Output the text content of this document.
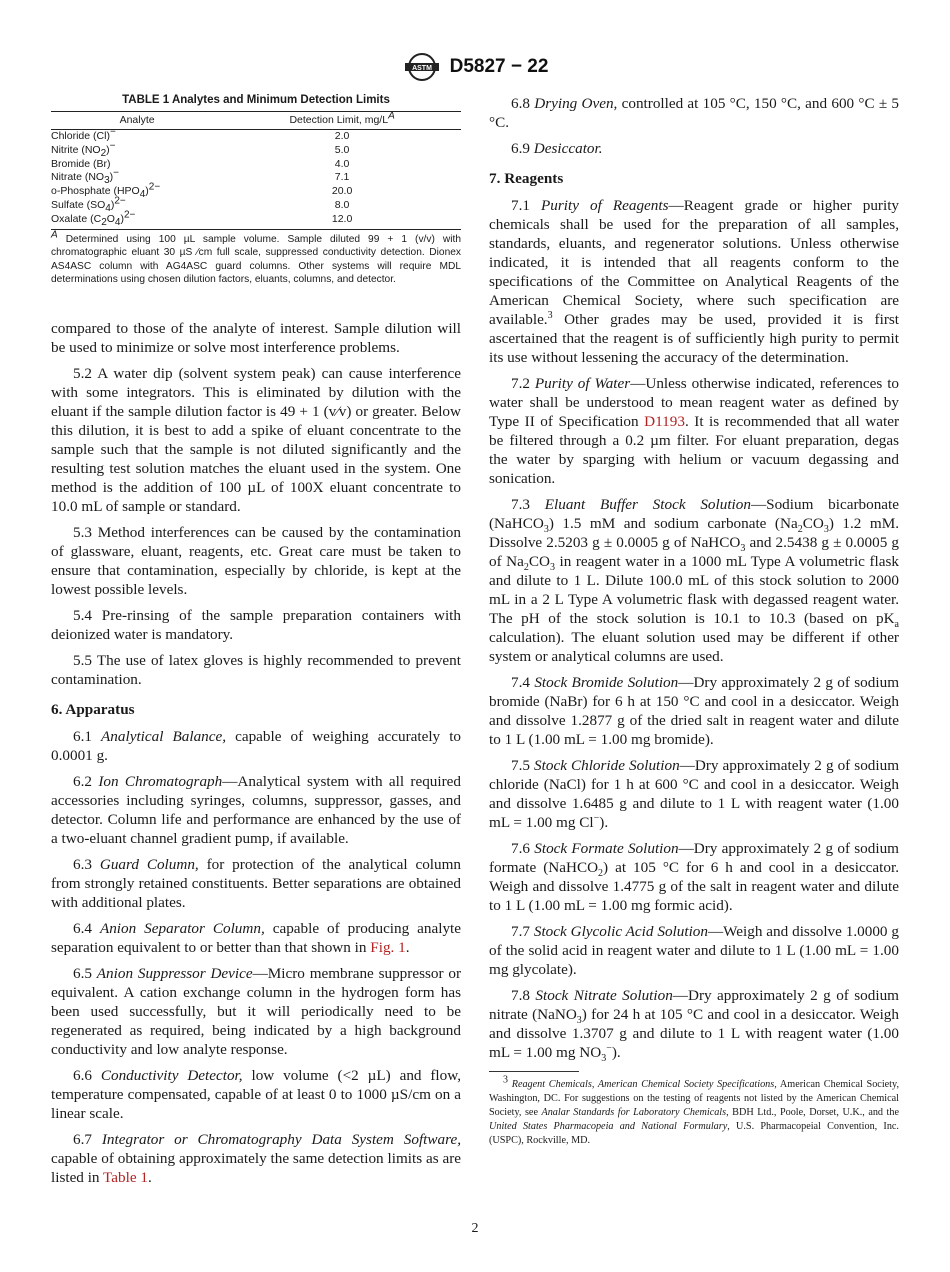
ASTM D5827 − 22
TABLE 1 Analytes and Minimum Detection Limits
Analyte	Detection Limit, $mg/L^A$
Chloride (Cl)−	2.0
Nitrite $(NO_2)^-$	5.0
Bromide (Br)	4.0
Nitrate $(NO_3)^-$	7.1
o-Phosphate $(HPO_4)^{2-}$	20.0
Sulfate $(SO_4)^{2-}$	8.0
Oxalate $(C_2O_4)^{2-}$	12.0

$^A$ Determined using 100 µL sample volume. Sample diluted 99 + 1 (v/v) with chromatographic eluant 30 µS ⁄cm full scale, suppressed conductivity detection. Dionex AS4ASC column with AG4ASC guard columns. Other systems will require MDL determinations using chosen dilution factors, eluants, columns, and detector.

compared to those of the analyte of interest. Sample dilution will be used to minimize or solve most interference problems.

5.2 A water dip (solvent system peak) can cause interference with some integrators. This is eliminated by dilution with the eluant if the sample dilution factor is 49 + 1 (v⁄v) or greater. Below this dilution, it is best to add a spike of eluant concentrate to the sample such that the sample is not diluted significantly and the resulting test solution matches the eluant used in the system. One method is the addition of 100 µL of 100X eluant concentrate to 10.0 mL of sample or standard.

5.3 Method interferences can be caused by the contamination of glassware, eluant, reagents, etc. Great care must be taken to ensure that contamination, especially by chloride, is kept at the lowest possible levels.

5.4 Pre-rinsing of the sample preparation containers with deionized water is mandatory.

5.5 The use of latex gloves is highly recommended to prevent contamination.

6. Apparatus

6.1 Analytical Balance, capable of weighing accurately to 0.0001 g.

6.2 Ion Chromatograph—Analytical system with all required accessories including syringes, columns, suppressor, gasses, and detector. Column life and performance are enhanced by the use of a two-eluant channel gradient pump, if available.

6.3 Guard Column, for protection of the analytical column from strongly retained constituents. Better separations are obtained with additional plates.

6.4 Anion Separator Column, capable of producing analyte separation equivalent to or better than that shown in Fig. 1.

6.5 Anion Suppressor Device—Micro membrane suppressor or equivalent. A cation exchange column in the hydrogen form has been used successfully, but it will periodically need to be regenerated as required, being indicated by a high background conductivity and low analyte response.

6.6 Conductivity Detector, low volume (<2 µL) and flow, temperature compensated, capable of at least 0 to 1000 µS/cm on a linear scale.

6.7 Integrator or Chromatography Data System Software, capable of obtaining approximately the same detection limits as are listed in Table 1.

6.8 Drying Oven, controlled at 105 °C, 150 °C, and 600 °C ± 5 °C.

6.9 Desiccator.

7. Reagents

7.1 Purity of Reagents—Reagent grade or higher purity chemicals shall be used for the preparation of all samples, standards, eluants, and regenerator solutions. Unless otherwise indicated, it is intended that all reagents conform to the specifications of the Committee on Analytical Reagents of the American Chemical Society, where such specification are available.$^3$ Other grades may be used, provided it is first ascertained that the reagent is of sufficiently high purity to permit its use without lessening the accuracy of the determination.

7.2 Purity of Water—Unless otherwise indicated, references to water shall be understood to mean reagent water as defined by Type II of Specification D1193. It is recommended that all water be filtered through a 0.2 µm filter. For eluant preparation, degas the water by sparging with helium or vacuum degassing and sonication.

7.3 Eluant Buffer Stock Solution—Sodium bicarbonate (NaHCO$_3$) 1.5 mM and sodium carbonate $(Na_2CO_3)$ 1.2 mM. Dissolve 2.5203 g ± 0.0005 g of NaHCO$_3$ and 2.5438 g ± 0.0005 g of $Na_2CO_3$ in reagent water in a 1000 mL Type A volumetric flask and dilute to 1 L. Dilute 100.0 mL of this stock solution to 2000 mL in a 2 L Type A volumetric flask with degassed reagent water. The pH of the stock solution is 10.1 to 10.3 (based on $pK_a$ calculation). The eluant solution used may be different if other system or analytical columns are used.

7.4 Stock Bromide Solution—Dry approximately 2 g of sodium bromide (NaBr) for 6 h at 150 °C and cool in a desiccator. Weigh and dissolve 1.2877 g of the dried salt in reagent water and dilute to 1 L (1.00 mL = 1.00 mg bromide).

7.5 Stock Chloride Solution—Dry approximately 2 g of sodium chloride (NaCl) for 1 h at 600 °C and cool in a desiccator. Weigh and dissolve 1.6485 g and dilute to 1 L with reagent water (1.00 mL = 1.00 mg Cl−).

7.6 Stock Formate Solution—Dry approximately 2 g of sodium formate (NaHCO$_2$) at 105 °C for 6 h and cool in a desiccator. Weigh and dissolve 1.4775 g of the salt in reagent water and dilute to 1 L (1.00 mL = 1.00 mg formic acid).

7.7 Stock Glycolic Acid Solution—Weigh and dissolve 1.0000 g of the solid acid in reagent water and dilute to 1 L (1.00 mL = 1.00 mg glycolate).

7.8 Stock Nitrate Solution—Dry approximately 2 g of sodium nitrate (NaNO$_3$) for 24 h at 105 °C and cool in a desiccator. Weigh and dissolve 1.3707 g and dilute to 1 L with reagent water (1.00 mL = 1.00 mg $NO_3^-$).

$^3$ Reagent Chemicals, American Chemical Society Specifications, American Chemical Society, Washington, DC. For suggestions on the testing of reagents not listed by the American Chemical Society, see Analar Standards for Laboratory Chemicals, BDH Ltd., Poole, Dorset, U.K., and the United States Pharmacopeia and National Formulary, U.S. Pharmacopeial Convention, Inc. (USPC), Rockville, MD.

2
